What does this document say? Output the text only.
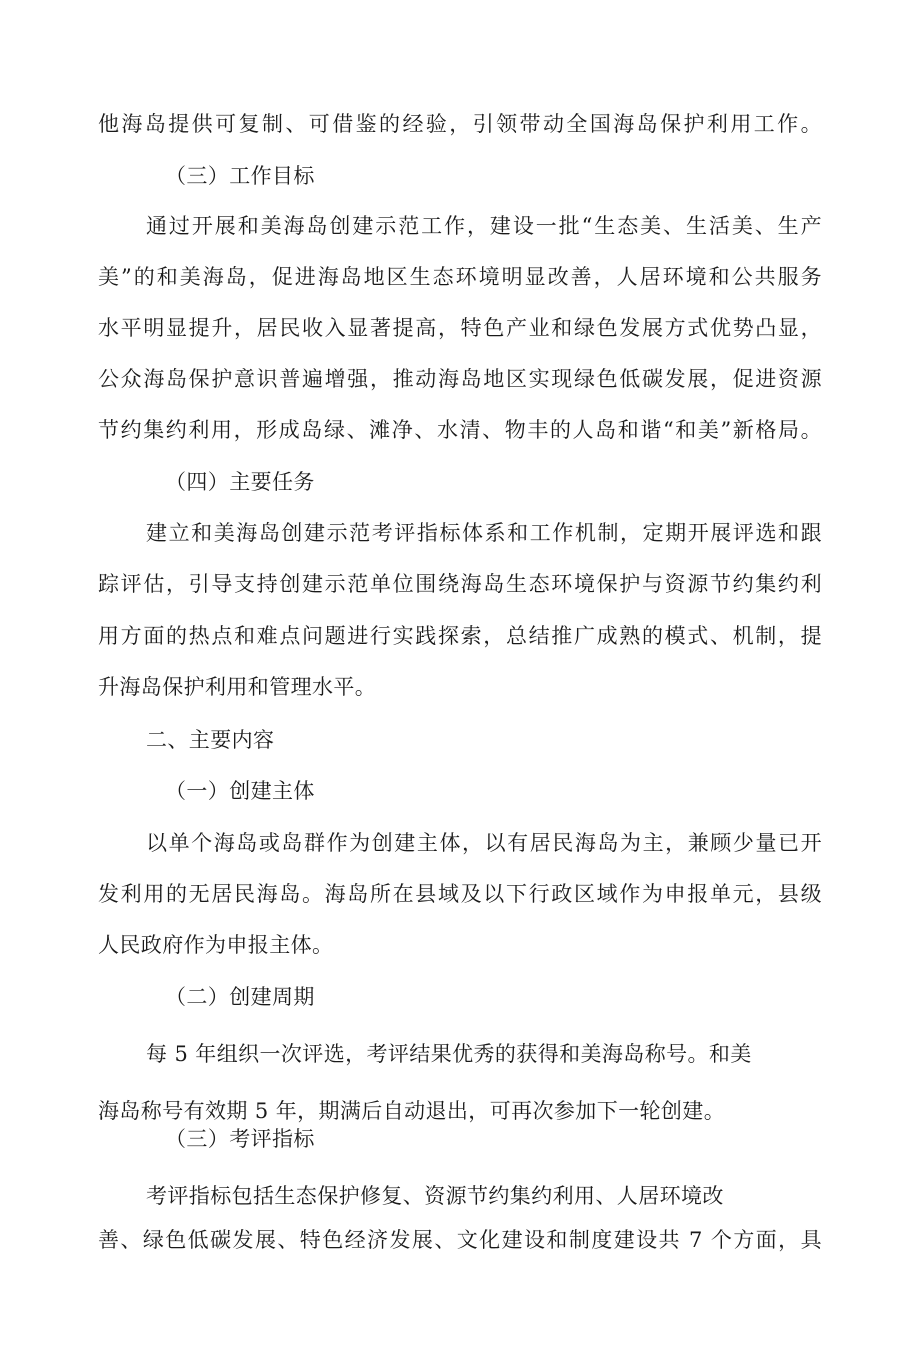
他海岛提供可复制、可借鉴的经验，引领带动全国海岛保护利用工作。
（三）工作目标
通过开展和美海岛创建示范工作，建设一批“生态美、生活美、生产
美”的和美海岛，促进海岛地区生态环境明显改善，人居环境和公共服务
水平明显提升，居民收入显著提高，特色产业和绿色发展方式优势凸显，
公众海岛保护意识普遍增强，推动海岛地区实现绿色低碳发展，促进资源
节约集约利用，形成岛绿、滩净、水清、物丰的人岛和谐“和美”新格局。
（四）主要任务
建立和美海岛创建示范考评指标体系和工作机制，定期开展评选和跟
踪评估，引导支持创建示范单位围绕海岛生态环境保护与资源节约集约利
用方面的热点和难点问题进行实践探索，总结推广成熟的模式、机制，提
升海岛保护利用和管理水平。
二、主要内容
（一）创建主体
以单个海岛或岛群作为创建主体，以有居民海岛为主，兼顾少量已开
发利用的无居民海岛。海岛所在县域及以下行政区域作为申报单元，县级
人民政府作为申报主体。
（二）创建周期
每 5 年组织一次评选，考评结果优秀的获得和美海岛称号。和美
海岛称号有效期 5 年，期满后自动退出，可再次参加下一轮创建。
（三）考评指标
考评指标包括生态保护修复、资源节约集约利用、人居环境改
善、绿色低碳发展、特色经济发展、文化建设和制度建设共 7 个方面，具
